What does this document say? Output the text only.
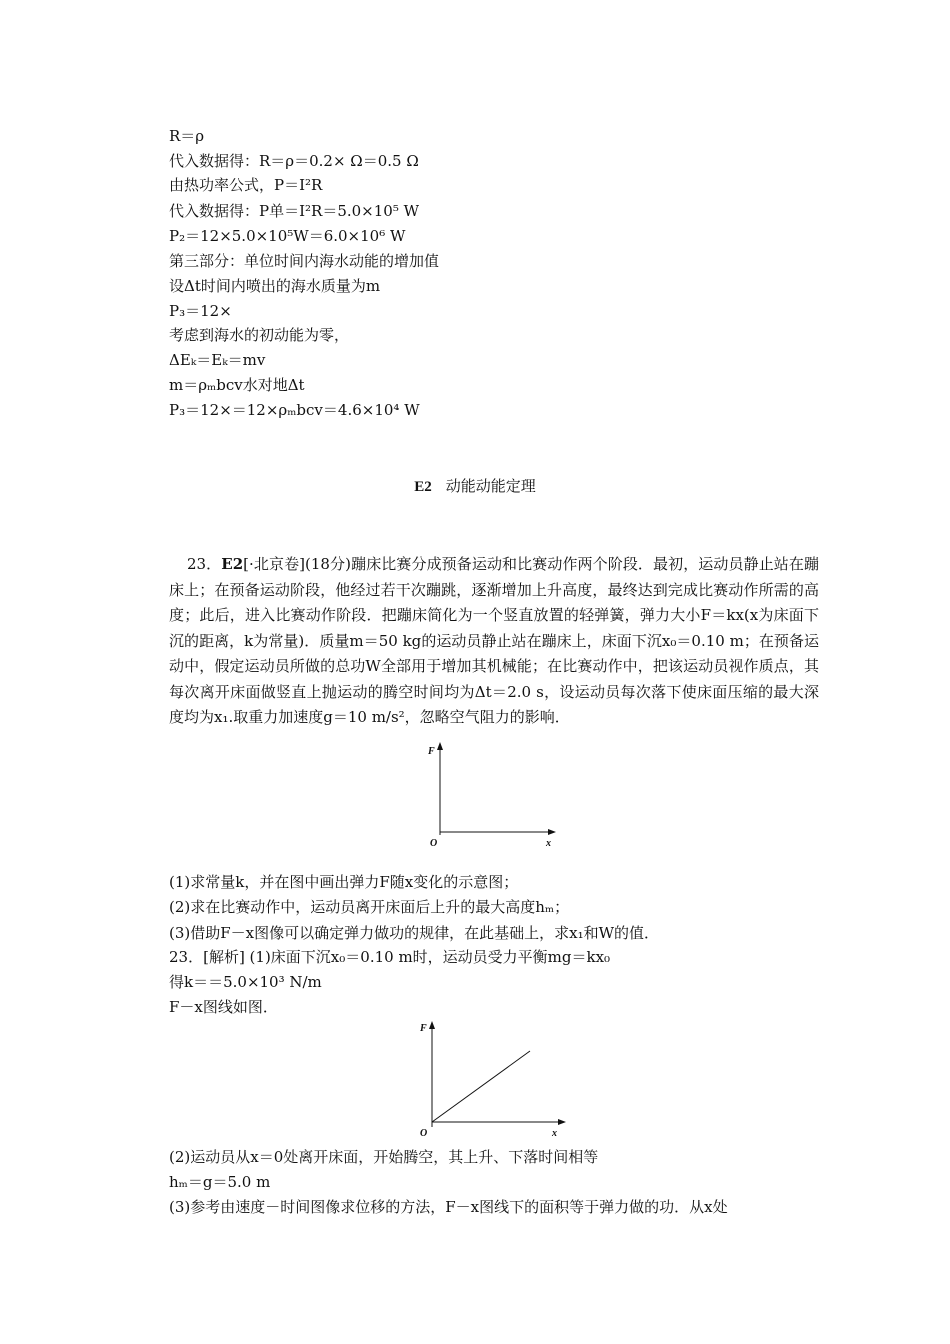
R＝ρ
代入数据得：R＝ρ＝0.2× Ω＝0.5 Ω
由热功率公式，P＝I²R
代入数据得：P单＝I²R＝5.0×10⁵ W
P₂＝12×5.0×10⁵W＝6.0×10⁶ W
第三部分：单位时间内海水动能的增加值
设Δt时间内喷出的海水质量为m
P₃＝12×
考虑到海水的初动能为零，
ΔEₖ＝Eₖ＝mv
m＝ρₘbcv水对地Δt
P₃＝12×＝12×ρₘbcv＝4.6×10⁴ W
E2 动能动能定理
23．E2[·北京卷](18分)蹦床比赛分成预备运动和比赛动作两个阶段．最初，运动员静止站在蹦床上；在预备运动阶段，他经过若干次蹦跳，逐渐增加上升高度，最终达到完成比赛动作所需的高度；此后，进入比赛动作阶段．把蹦床简化为一个竖直放置的轻弹簧，弹力大小F＝kx(x为床面下沉的距离，k为常量)．质量m＝50 kg的运动员静止站在蹦床上，床面下沉x₀＝0.10 m；在预备运动中，假定运动员所做的总功W全部用于增加其机械能；在比赛动作中，把该运动员视作质点，其每次离开床面做竖直上抛运动的腾空时间均为Δt＝2.0 s，设运动员每次落下使床面压缩的最大深度均为x₁.取重力加速度g＝10 m/s²，忽略空气阻力的影响．
F
x
O
(1)求常量k，并在图中画出弹力F随x变化的示意图；
(2)求在比赛动作中，运动员离开床面后上升的最大高度hₘ；
(3)借助F－x图像可以确定弹力做功的规律，在此基础上，求x₁和W的值．
23．[解析] (1)床面下沉x₀＝0.10 m时，运动员受力平衡mg＝kx₀
得k＝＝5.0×10³ N/m
F－x图线如图．
F
x
O
(2)运动员从x＝0处离开床面，开始腾空，其上升、下落时间相等
hₘ＝g＝5.0 m
(3)参考由速度－时间图像求位移的方法，F－x图线下的面积等于弹力做的功．从x处
